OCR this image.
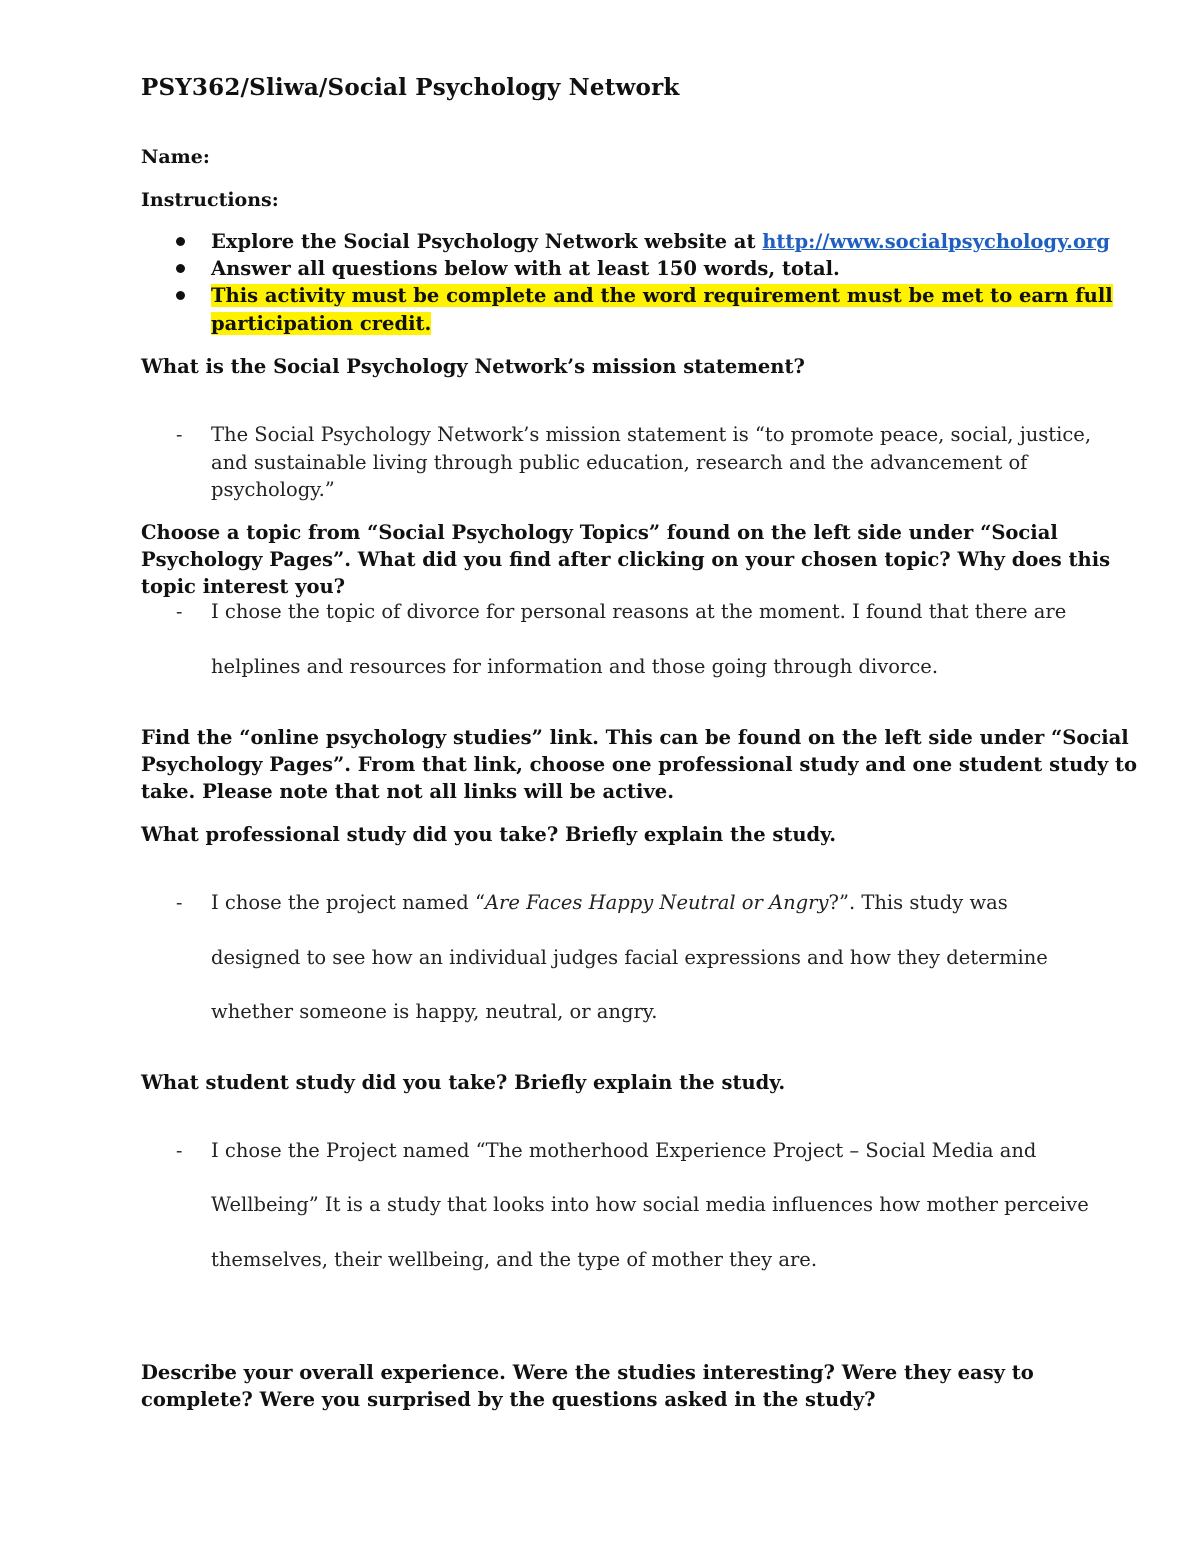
PSY362/Sliwa/Social Psychology Network
Name:
Instructions:
Explore the Social Psychology Network website at http://www.socialpsychology.org
Answer all questions below with at least 150 words, total.
This activity must be complete and the word requirement must be met to earn full
participation credit.
What is the Social Psychology Network’s mission statement?
- The Social Psychology Network’s mission statement is “to promote peace, social, justice,
and sustainable living through public education, research and the advancement of
psychology.”
Choose a topic from “Social Psychology Topics” found on the left side under “Social
Psychology Pages”. What did you find after clicking on your chosen topic? Why does this
topic interest you?
- I chose the topic of divorce for personal reasons at the moment. I found that there are
helplines and resources for information and those going through divorce.
Find the “online psychology studies” link. This can be found on the left side under “Social
Psychology Pages”. From that link, choose one professional study and one student study to
take. Please note that not all links will be active.
What professional study did you take? Briefly explain the study.
- I chose the project named “Are Faces Happy Neutral or Angry?”. This study was
designed to see how an individual judges facial expressions and how they determine
whether someone is happy, neutral, or angry.
What student study did you take? Briefly explain the study.
- I chose the Project named “The motherhood Experience Project – Social Media and
Wellbeing” It is a study that looks into how social media influences how mother perceive
themselves, their wellbeing, and the type of mother they are.
Describe your overall experience. Were the studies interesting? Were they easy to
complete? Were you surprised by the questions asked in the study?
